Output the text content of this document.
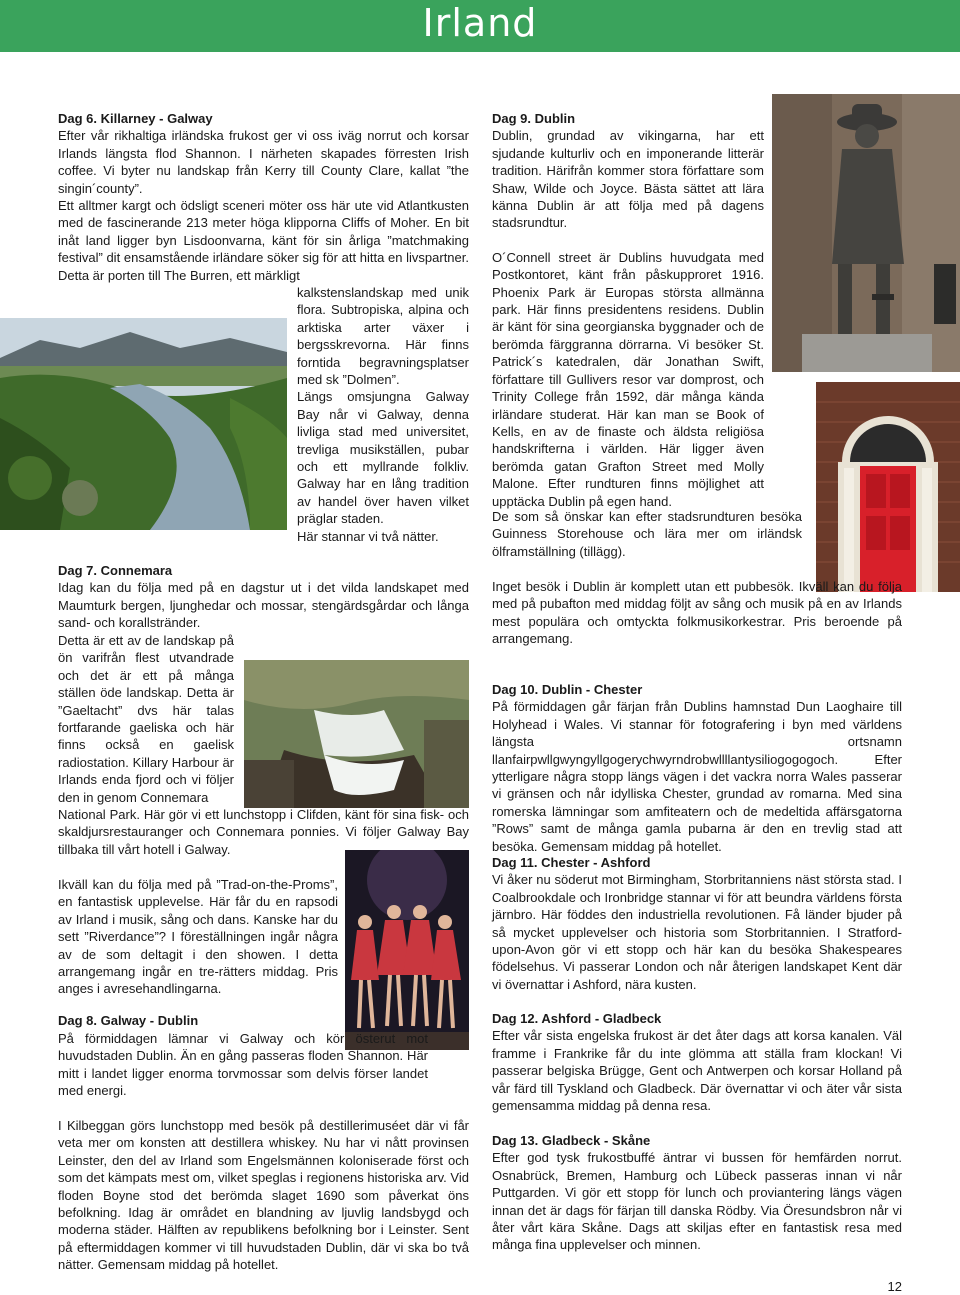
Irland
Dag 6. Killarney - Galway

Efter vår rikhaltiga irländska frukost ger vi oss iväg norrut och korsar Irlands längsta flod Shannon. I närheten skapades förresten Irish coffee. Vi byter nu landskap från Kerry till County Clare, kallat ”the singin´county”.

Ett alltmer kargt och ödsligt sceneri möter oss här ute vid Atlantkusten med de fascinerande 213 meter höga klipporna Cliffs of Moher. En bit inåt land ligger byn Lisdoonvarna, känt för sin årliga ”matchmaking festival” dit ensamstående irländare söker sig för att hitta en livspartner. Detta är porten till The Burren, ett märkligt

kalkstenslandskap med unik flora. Subtropiska, alpina och arktiska arter växer i bergsskrevorna. Här finns forntida begravningsplatser med sk ”Dolmen”.

Längs omsjungna Galway Bay når vi Galway, denna livliga stad med universitet, trevliga musikställen, pubar och ett myllrande folkliv. Galway har en lång tradition av handel över haven vilket präglar staden.

Här stannar vi två nätter.

Dag 7. Connemara

Idag kan du följa med på en dagstur ut i det vilda landskapet med Maumturk bergen, ljunghedar och mossar, stengärdsgårdar och långa sand- och korallstränder.

Detta är ett av de landskap på ön varifrån flest utvandrade och det är ett på många ställen öde landskap. Detta är ”Gaeltacht” dvs här talas fortfarande gaeliska och här finns också en gaelisk radiostation. Killary Harbour är Irlands enda fjord och vi följer den in genom Connemara

National Park. Här gör vi ett lunchstopp i Clifden, känt för sina fisk- och skaldjursrestauranger och Connemara ponnies. Vi följer Galway Bay tillbaka till vårt hotell i Galway.

Ikväll kan du följa med på ”Trad-on-the-Proms”, en fantastisk upplevelse. Här får du en rapsodi av Irland i musik, sång och dans. Kanske har du sett ”Riverdance”? I föreställningen ingår några av de som deltagit i den showen. I detta arrangemang ingår en tre-rätters middag. Pris anges i avresehandlingarna.

Dag 8. Galway - Dublin

På förmiddagen lämnar vi Galway och kör österut mot huvudstaden Dublin. Än en gång passeras floden Shannon. Här mitt i landet ligger enorma torvmossar som delvis förser landet med energi.

I Kilbeggan görs lunchstopp med besök på destillerimuséet där vi får veta mer om konsten att destillera whiskey. Nu har vi nått provinsen Leinster, den del av Irland som Engelsmännen koloniserade först och som det kämpats mest om, vilket speglas i regionens historiska arv. Vid floden Boyne stod det berömda slaget 1690 som påverkat öns befolkning. Idag är området en blandning av ljuvlig landsbygd och moderna städer. Hälften av republikens befolkning bor i Leinster. Sent på eftermiddagen kommer vi till huvudstaden Dublin, där vi ska bo två nätter. Gemensam middag på hotellet.

Dag 9. Dublin

Dublin, grundad av vikingarna, har ett sjudande kulturliv och en imponerande litterär tradition. Härifrån kommer stora författare som Shaw, Wilde och Joyce. Bästa sättet att lära känna Dublin är att följa med på dagens stadsrundtur.

O´Connell street är Dublins huvudgata med Postkontoret, känt från påskupproret 1916. Phoenix Park är Europas största allmänna park. Här finns presidentens residens. Dublin är känt för sina georgianska byggnader och de berömda färggranna dörrarna. Vi besöker St. Patrick´s katedralen, där Jonathan Swift, författare till Gullivers resor var domprost, och Trinity College från 1592, där många kända irländare studerat. Här kan man se Book of Kells, en av de finaste och äldsta religiösa handskrifterna i världen. Här ligger även berömda gatan Grafton Street med Molly Malone. Efter rundturen finns möjlighet att upptäcka Dublin på egen hand.

De som så önskar kan efter stadsrundturen besöka Guinness Storehouse och lära mer om irländsk ölframställning (tillägg).

Inget besök i Dublin är komplett utan ett pubbesök. Ikväll kan du följa med på pubafton med middag följt av sång och musik på en av Irlands mest populära och omtyckta folkmusikorkestrar. Pris beroende på arrangemang.

Dag 10. Dublin - Chester

På förmiddagen går färjan från Dublins hamnstad Dun Laoghaire till Holyhead i Wales. Vi stannar för fotografering i byn med världens längsta ortsnamn llanfairpwllgwyngyllgogerychwyrndrobwllllantysiliogogogoch. Efter ytterligare några stopp längs vägen i det vackra norra Wales passerar vi gränsen och når idylliska Chester, grundad av romarna. Med sina romerska lämningar som amfiteatern och de medeltida affärsgatorna ”Rows” samt de många gamla pubarna är den en trevlig stad att besöka. Gemensam middag på hotellet.

Dag 11. Chester - Ashford

Vi åker nu söderut mot Birmingham, Storbritanniens näst största stad. I Coalbrookdale och Ironbridge stannar vi för att beundra världens första järnbro. Här föddes den industriella revolutionen. Få länder bjuder på så mycket upplevelser och historia som Storbritannien. I Stratford-upon-Avon gör vi ett stopp och här kan du besöka Shakespeares födelsehus. Vi passerar London och når återigen landskapet Kent där vi övernattar i Ashford, nära kusten.

Dag 12. Ashford - Gladbeck

Efter vår sista engelska frukost är det åter dags att korsa kanalen. Väl framme i Frankrike får du inte glömma att ställa fram klockan! Vi passerar belgiska Brügge, Gent och Antwerpen och korsar Holland på vår färd till Tyskland och Gladbeck. Där övernattar vi och äter vår sista gemensamma middag på denna resa.

Dag 13. Gladbeck - Skåne

Efter god tysk frukostbuffé äntrar vi bussen för hemfärden norrut. Osnabrück, Bremen, Hamburg och Lübeck passeras innan vi når Puttgarden. Vi gör ett stopp för lunch och proviantering längs vägen innan det är dags för färjan till danska Rödby. Via Öresundsbron når vi åter vårt kära Skåne. Dags att skiljas efter en fantastisk resa med många fina upplevelser och minnen.

12
